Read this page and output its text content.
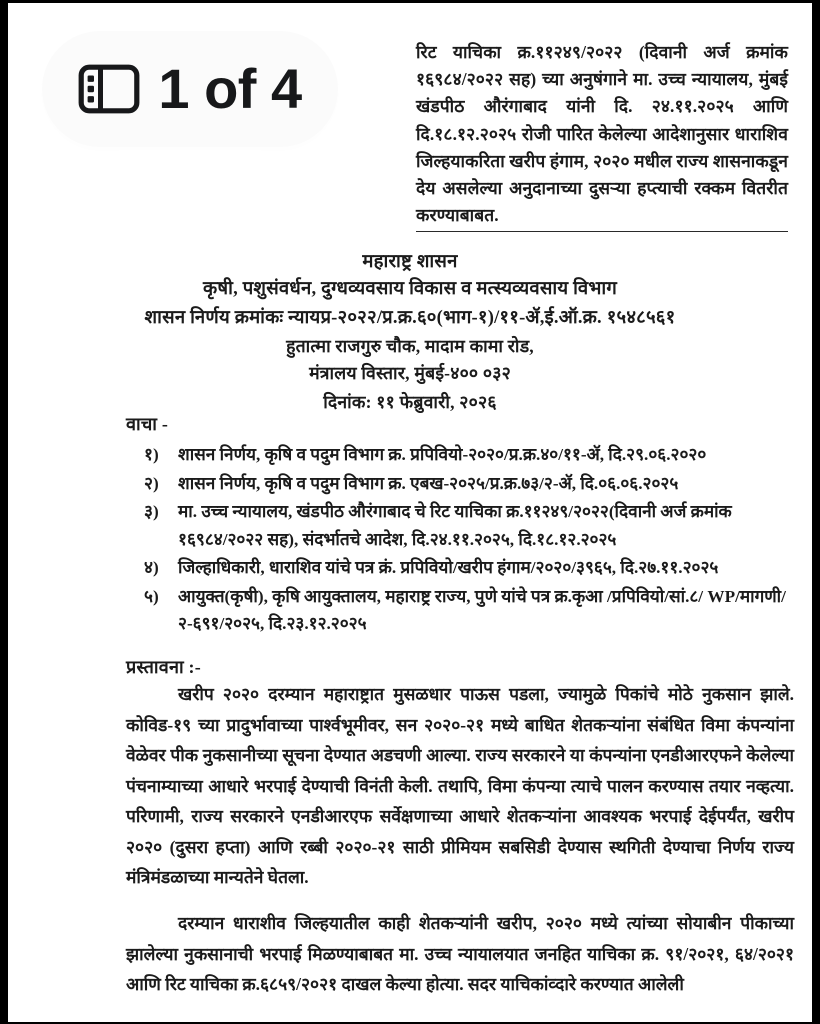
रिट याचिका क्र.११२४९/२०२२ (दिवानी अर्ज क्रमांक १६९८४/२०२२ सह) च्या अनुषंगाने मा. उच्च न्यायालय, मुंबई खंडपीठ औरंगाबाद यांनी दि. २४.११.२०२५ आणि दि.१८.१२.२०२५ रोजी पारित केलेल्या आदेशानुसार धाराशिव जिल्हयाकरिता खरीप हंगाम, २०२० मधील राज्य शासनाकडून देय असलेल्या अनुदानाच्या दुसऱ्या हप्त्याची रक्कम वितरीत करण्याबाबत.
महाराष्ट्र शासन
कृषी, पशुसंवर्धन, दुग्धव्यवसाय विकास व मत्स्यव्यवसाय विभाग
शासन निर्णय क्रमांकः न्यायप्र-२०२२/प्र.क्र.६०(भाग-१)/११-ॲ,ई.ऑ.क्र. १५४८५६१
हुतात्मा राजगुरु चौक, मादाम कामा रोड,
मंत्रालय विस्तार, मुंबई-४०० ०३२
दिनांक: ११ फेब्रुवारी, २०२६
वाचा -
१)	शासन निर्णय, कृषि व पदुम विभाग क्र. प्रपिवियो-२०२०/प्र.क्र.४०/११-ॲ, दि.२९.०६.२०२०
२)	शासन निर्णय, कृषि व पदुम विभाग क्र. एबख-२०२५/प्र.क्र.७३/२-ॲ, दि.०६.०६.२०२५
३)	मा. उच्च न्यायालय, खंडपीठ औरंगाबाद चे रिट याचिका क्र.११२४९/२०२२(दिवानी अर्ज क्रमांक १६९८४/२०२२ सह), संदर्भातचे आदेश, दि.२४.११.२०२५, दि.१८.१२.२०२५
४)	जिल्हाधिकारी, धाराशिव यांचे पत्र क्रं. प्रपिवियो/खरीप हंगाम/२०२०/३९६५, दि.२७.११.२०२५
५)	आयुक्त(कृषी), कृषि आयुक्तालय, महाराष्ट्र राज्य, पुणे यांचे पत्र क्र.कृआ /प्रपिवियो/सां.८/ WP/मागणी/२-६९१/२०२५, दि.२३.१२.२०२५
प्रस्तावना :-
खरीप २०२० दरम्यान महाराष्ट्रात मुसळधार पाऊस पडला, ज्यामुळे पिकांचे मोठे नुकसान झाले. कोविड-१९ च्या प्रादुर्भावाच्या पार्श्वभूमीवर, सन २०२०-२१ मध्ये बाधित शेतकऱ्यांना संबंधित विमा कंपन्यांना वेळेवर पीक नुकसानीच्या सूचना देण्यात अडचणी आल्या. राज्य सरकारने या कंपन्यांना एनडीआरएफने केलेल्या पंचनाम्याच्या आधारे भरपाई देण्याची विनंती केली. तथापि, विमा कंपन्या त्याचे पालन करण्यास तयार नव्हत्या. परिणामी, राज्य सरकारने एनडीआरएफ सर्वेक्षणाच्या आधारे शेतकऱ्यांना आवश्यक भरपाई देईपर्यंत, खरीप २०२० (दुसरा हप्ता) आणि रब्बी २०२०-२१ साठी प्रीमियम सबसिडी देण्यास स्थगिती देण्याचा निर्णय राज्य मंत्रिमंडळाच्या मान्यतेने घेतला.
दरम्यान धाराशीव जिल्हयातील काही शेतकऱ्यांनी खरीप, २०२० मध्ये त्यांच्या सोयाबीन पीकाच्या झालेल्या नुकसानाची भरपाई मिळण्याबाबत मा. उच्च न्यायालयात जनहित याचिका क्र. ९१/२०२१, ६४/२०२१ आणि रिट याचिका क्र.६८५९/२०२१ दाखल केल्या होत्या. सदर याचिकांव्दारे करण्यात आलेली
1 of 4
